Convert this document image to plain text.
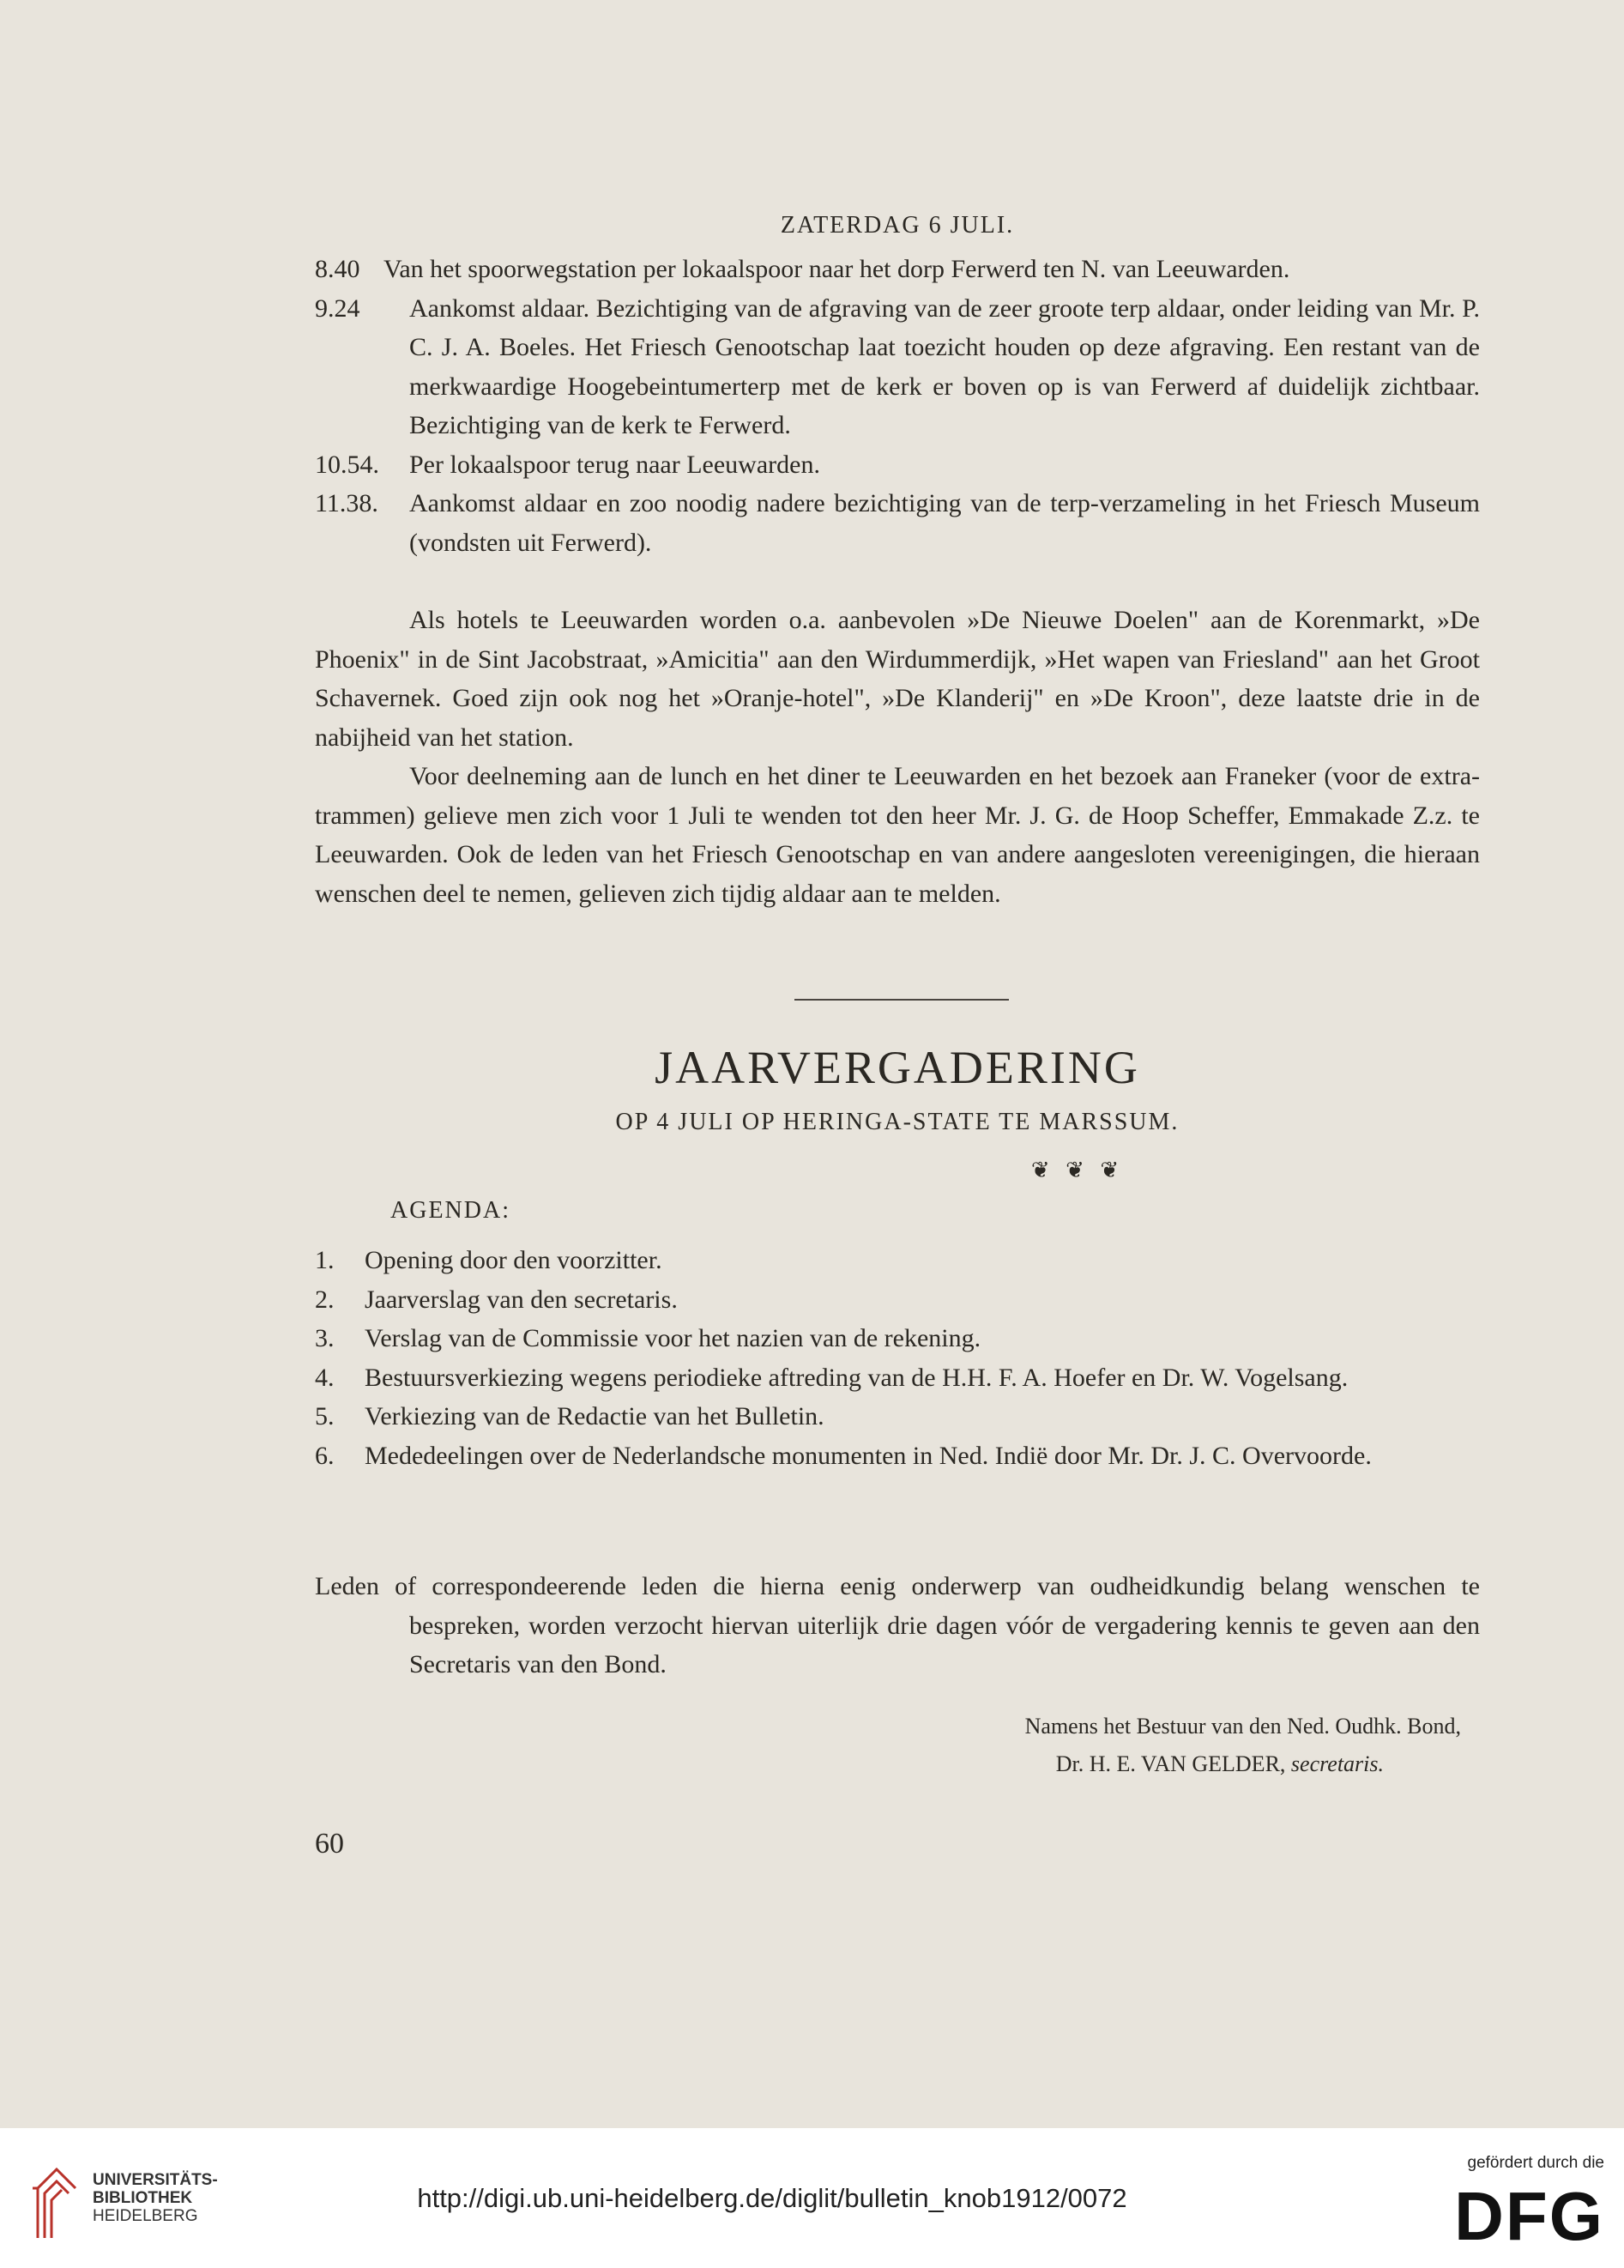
ZATERDAG 6 JULI.
8.40 Van het spoorwegstation per lokaalspoor naar het dorp Ferwerd ten N. van Leeuwarden.
9.24	Aankomst aldaar. Bezichtiging van de afgraving van de zeer groote terp aldaar, onder leiding van Mr. P. C. J. A. Boeles. Het Friesch Genootschap laat toezicht houden op deze afgraving. Een restant van de merkwaardige Hoogebeintumerterp met de kerk er boven op is van Ferwerd af duidelijk zichtbaar. Bezichtiging van de kerk te Ferwerd.
10.54.	Per lokaalspoor terug naar Leeuwarden.
11.38.	Aankomst aldaar en zoo noodig nadere bezichtiging van de terp-verzameling in het Friesch Museum (vondsten uit Ferwerd).

Als hotels te Leeuwarden worden o.a. aanbevolen »De Nieuwe Doelen" aan de Korenmarkt, »De Phoenix" in de Sint Jacobstraat, »Amicitia" aan den Wirdummerdijk, »Het wapen van Friesland" aan het Groot Schavernek. Goed zijn ook nog het »Oranje-hotel", »De Klanderij" en »De Kroon", deze laatste drie in de nabijheid van het station.

Voor deelneming aan de lunch en het diner te Leeuwarden en het bezoek aan Franeker (voor de extra-trammen) gelieve men zich voor 1 Juli te wenden tot den heer Mr. J. G. de Hoop Scheffer, Emmakade Z.z. te Leeuwarden. Ook de leden van het Friesch Genootschap en van andere aangesloten vereenigingen, die hieraan wenschen deel te nemen, gelieven zich tijdig aldaar aan te melden.

JAARVERGADERING
OP 4 JULI OP HERINGA-STATE TE MARSSUM.
❦ ❦ ❦
AGENDA:
1. Opening door den voorzitter.
2. Jaarverslag van den secretaris.
3. Verslag van de Commissie voor het nazien van de rekening.
4. Bestuursverkiezing wegens periodieke aftreding van de H.H. F. A. Hoefer en Dr. W. Vogelsang.
5. Verkiezing van de Redactie van het Bulletin.
6. Mededeelingen over de Nederlandsche monumenten in Ned. Indië door Mr. Dr. J. C. Overvoorde.

Leden of correspondeerende leden die hierna eenig onderwerp van oudheidkundig belang wenschen te bespreken, worden verzocht hiervan uiterlijk drie dagen vóór de vergadering kennis te geven aan den Secretaris van den Bond.

Namens het Bestuur van den Ned. Oudhk. Bond,
Dr. H. E. VAN GELDER, secretaris.
60
UNIVERSITÄTS-
BIBLIOTHEK
HEIDELBERG
http://digi.ub.uni-heidelberg.de/diglit/bulletin_knob1912/0072
gefördert durch die
DFG
